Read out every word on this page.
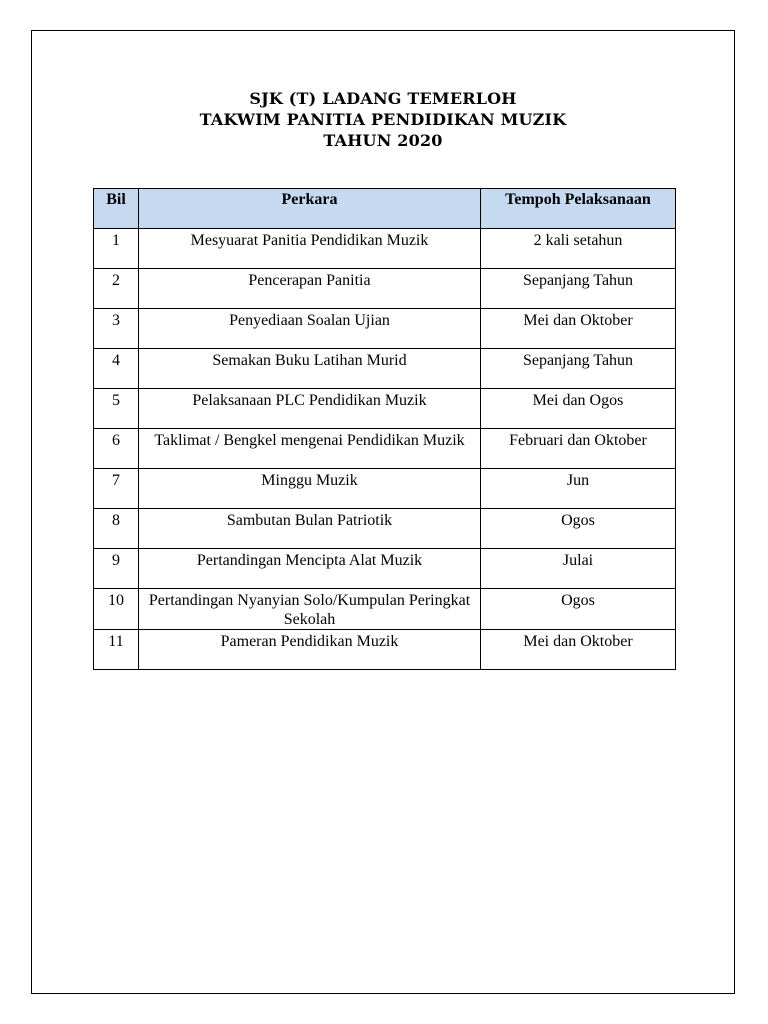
SJK (T) LADANG TEMERLOH
TAKWIM PANITIA PENDIDIKAN MUZIK
TAHUN 2020
Bil	Perkara	Tempoh Pelaksanaan
1	Mesyuarat Panitia Pendidikan Muzik	2 kali setahun
2	Pencerapan Panitia	Sepanjang Tahun
3	Penyediaan Soalan Ujian	Mei dan Oktober
4	Semakan Buku Latihan Murid	Sepanjang Tahun
5	Pelaksanaan PLC Pendidikan Muzik	Mei dan Ogos
6	Taklimat / Bengkel mengenai Pendidikan Muzik	Februari dan Oktober
7	Minggu Muzik	Jun
8	Sambutan Bulan Patriotik	Ogos
9	Pertandingan Mencipta Alat Muzik	Julai
10	Pertandingan Nyanyian Solo/Kumpulan Peringkat Sekolah	Ogos
11	Pameran Pendidikan Muzik	Mei dan Oktober
